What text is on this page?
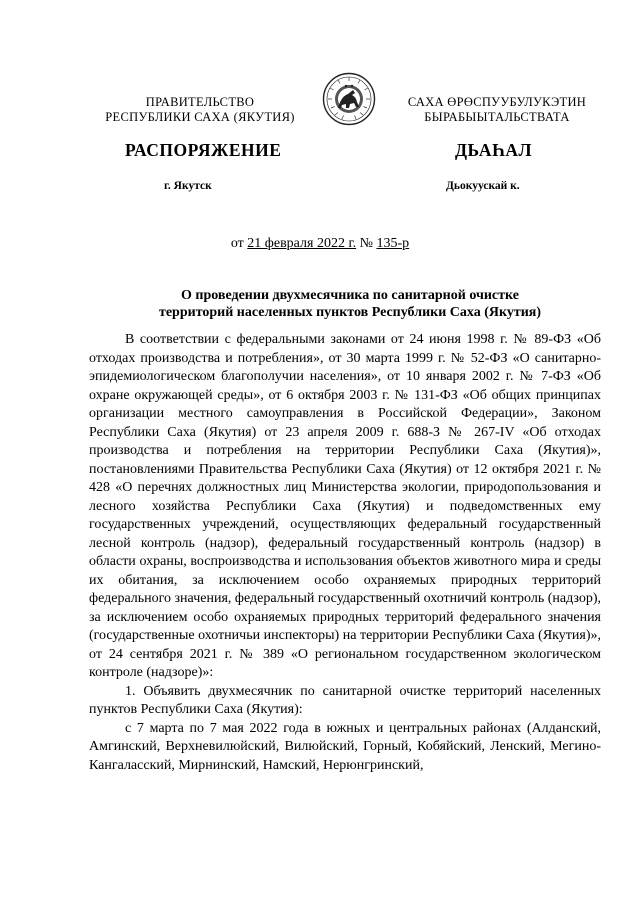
ПРАВИТЕЛЬСТВО
РЕСПУБЛИКИ САХА (ЯКУТИЯ)
САХА ӨРӨСПУУБУЛУКЭТИН
БЫРАБЫЫТАЛЬСТВАТА
РАСПОРЯЖЕНИЕ	ДЬАҺАЛ
г. Якутск	Дьокуускай к.
от 21 февраля 2022 г. № 135-р
О проведении двухмесячника по санитарной очистке
территорий населенных пунктов Республики Саха (Якутия)

В соответствии с федеральными законами от 24 июня 1998 г. № 89-ФЗ «Об отходах производства и потребления», от 30 марта 1999 г. № 52-ФЗ «О санитарно-эпидемиологическом благополучии населения», от 10 января 2002 г. № 7-ФЗ «Об охране окружающей среды», от 6 октября 2003 г. № 131-ФЗ «Об общих принципах организации местного самоуправления в Российской Федерации», Законом Республики Саха (Якутия) от 23 апреля 2009 г. 688-З № 267-IV «Об отходах производства и потребления на территории Республики Саха (Якутия)», постановлениями Правительства Республики Саха (Якутия) от 12 октября 2021 г. № 428 «О перечнях должностных лиц Министерства экологии, природопользования и лесного хозяйства Республики Саха (Якутия) и подведомственных ему государственных учреждений, осуществляющих федеральный государственный лесной контроль (надзор), федеральный государственный контроль (надзор) в области охраны, воспроизводства и использования объектов животного мира и среды их обитания, за исключением особо охраняемых природных территорий федерального значения, федеральный государственный охотничий контроль (надзор), за исключением особо охраняемых природных территорий федерального значения (государственные охотничьи инспекторы) на территории Республики Саха (Якутия)», от 24 сентября 2021 г. № 389 «О региональном государственном экологическом контроле (надзоре)»:

1. Объявить двухмесячник по санитарной очистке территорий населенных пунктов Республики Саха (Якутия):

с 7 марта по 7 мая 2022 года в южных и центральных районах (Алданский, Амгинский, Верхневилюйский, Вилюйский, Горный, Кобяйский, Ленский, Мегино-Кангаласский, Мирнинский, Намский, Нерюнгринский,
